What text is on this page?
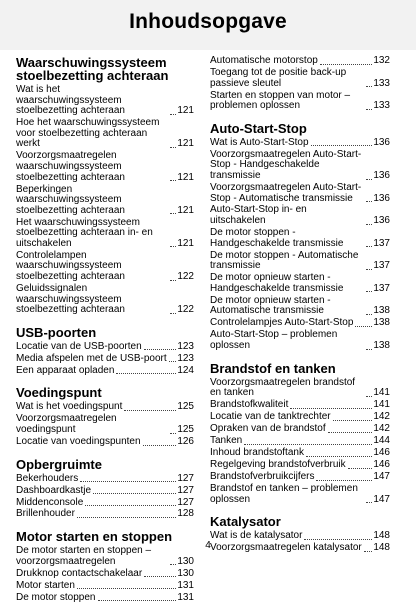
Inhoudsopgave
Waarschuwingssysteem stoelbezetting achteraan
Wat is het waarschuwingssysteem stoelbezetting achteraan	121
Hoe het waarschuwingssysteem voor stoelbezetting achteraan werkt	121
Voorzorgsmaatregelen waarschuwingssysteem stoelbezetting achteraan	121
Beperkingen waarschuwingssysteem stoelbezetting achteraan	121
Het waarschuwingssysteem stoelbezetting achteraan in- en uitschakelen	121
Controlelampen waarschuwingssysteem stoelbezetting achteraan	122
Geluidssignalen waarschuwingssysteem stoelbezetting achteraan	122
USB-poorten
Locatie van de USB-poorten	123
Media afspelen met de USB-poort 123
Een apparaat opladen	124
Voedingspunt
Wat is het voedingspunt	125
Voorzorgsmaatregelen voedingspunt	125
Locatie van voedingspunten	126
Opbergruimte
Bekerhouders	127
Dashboardkastje	127
Middenconsole	127
Brillenhouder	128
Motor starten en stoppen
De motor starten en stoppen – voorzorgsmaatregelen	130
Drukknop contactschakelaar	130
Motor starten	131
De motor stoppen	131
Automatische motorstop	132
Toegang tot de positie back-up passieve sleutel	133
Starten en stoppen van motor – problemen oplossen	133
Auto-Start-Stop
Wat is Auto-Start-Stop	136
Voorzorgsmaatregelen Auto-Start-Stop - Handgeschakelde transmissie	136
Voorzorgsmaatregelen Auto-Start-Stop - Automatische transmissie	136
Auto-Start-Stop in- en uitschakelen	136
De motor stoppen - Handgeschakelde transmissie	137
De motor stoppen - Automatische transmissie	137
De motor opnieuw starten - Handgeschakelde transmissie	137
De motor opnieuw starten - Automatische transmissie	138
Controlelampjes Auto-Start-Stop 138
Auto-Start-Stop – problemen oplossen	138
Brandstof en tanken
Voorzorgsmaatregelen brandstof en tanken	141
Brandstofkwaliteit	141
Locatie van de tanktrechter	142
Opraken van de brandstof	142
Tanken	144
Inhoud brandstoftank	146
Regelgeving brandstofverbruik	146
Brandstofverbruikcijfers	147
Brandstof en tanken – problemen oplossen	147
Katalysator
Wat is de katalysator	148
Voorzorgsmaatregelen katalysator 148
4
